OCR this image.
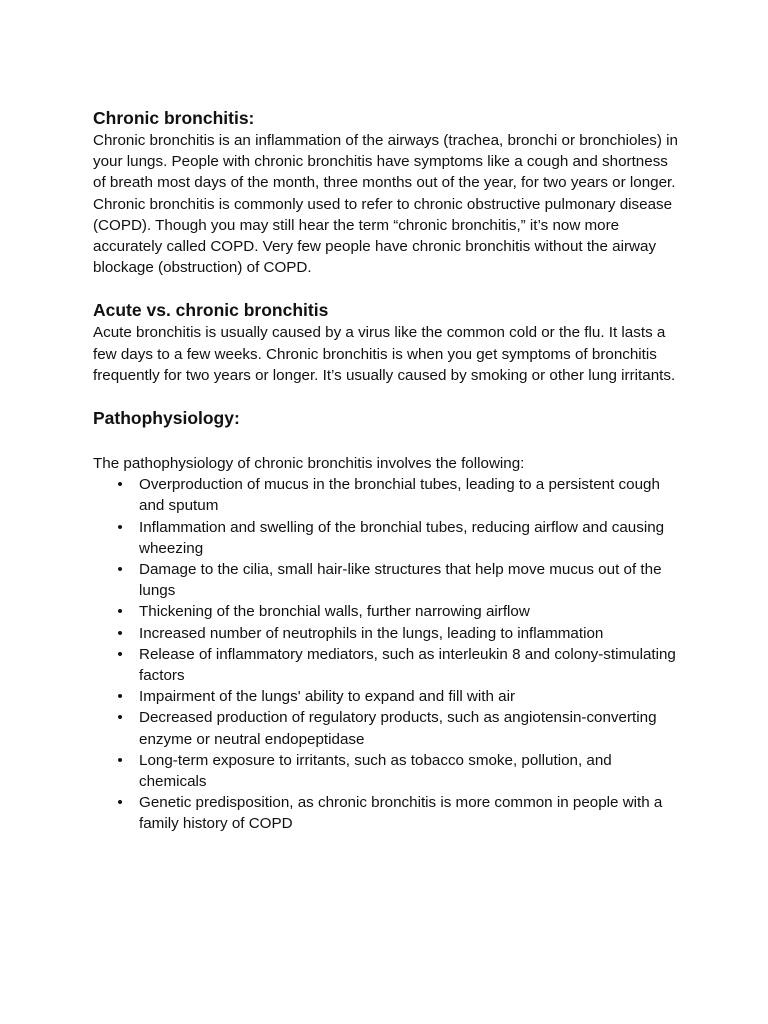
Chronic bronchitis:

Chronic bronchitis is an inflammation of the airways (trachea, bronchi or bronchioles) in your lungs. People with chronic bronchitis have symptoms like a cough and shortness of breath most days of the month, three months out of the year, for two years or longer.

Chronic bronchitis is commonly used to refer to chronic obstructive pulmonary disease (COPD). Though you may still hear the term “chronic bronchitis,” it’s now more accurately called COPD. Very few people have chronic bronchitis without the airway blockage (obstruction) of COPD.

Acute vs. chronic bronchitis

Acute bronchitis is usually caused by a virus like the common cold or the flu. It lasts a few days to a few weeks. Chronic bronchitis is when you get symptoms of bronchitis frequently for two years or longer. It’s usually caused by smoking or other lung irritants.

Pathophysiology:

The pathophysiology of chronic bronchitis involves the following:

• Overproduction of mucus in the bronchial tubes, leading to a persistent cough and sputum
• Inflammation and swelling of the bronchial tubes, reducing airflow and causing wheezing
• Damage to the cilia, small hair-like structures that help move mucus out of the lungs
• Thickening of the bronchial walls, further narrowing airflow
• Increased number of neutrophils in the lungs, leading to inflammation
• Release of inflammatory mediators, such as interleukin 8 and colony-stimulating factors
• Impairment of the lungs' ability to expand and fill with air
• Decreased production of regulatory products, such as angiotensin-converting enzyme or neutral endopeptidase
• Long-term exposure to irritants, such as tobacco smoke, pollution, and chemicals
• Genetic predisposition, as chronic bronchitis is more common in people with a family history of COPD
